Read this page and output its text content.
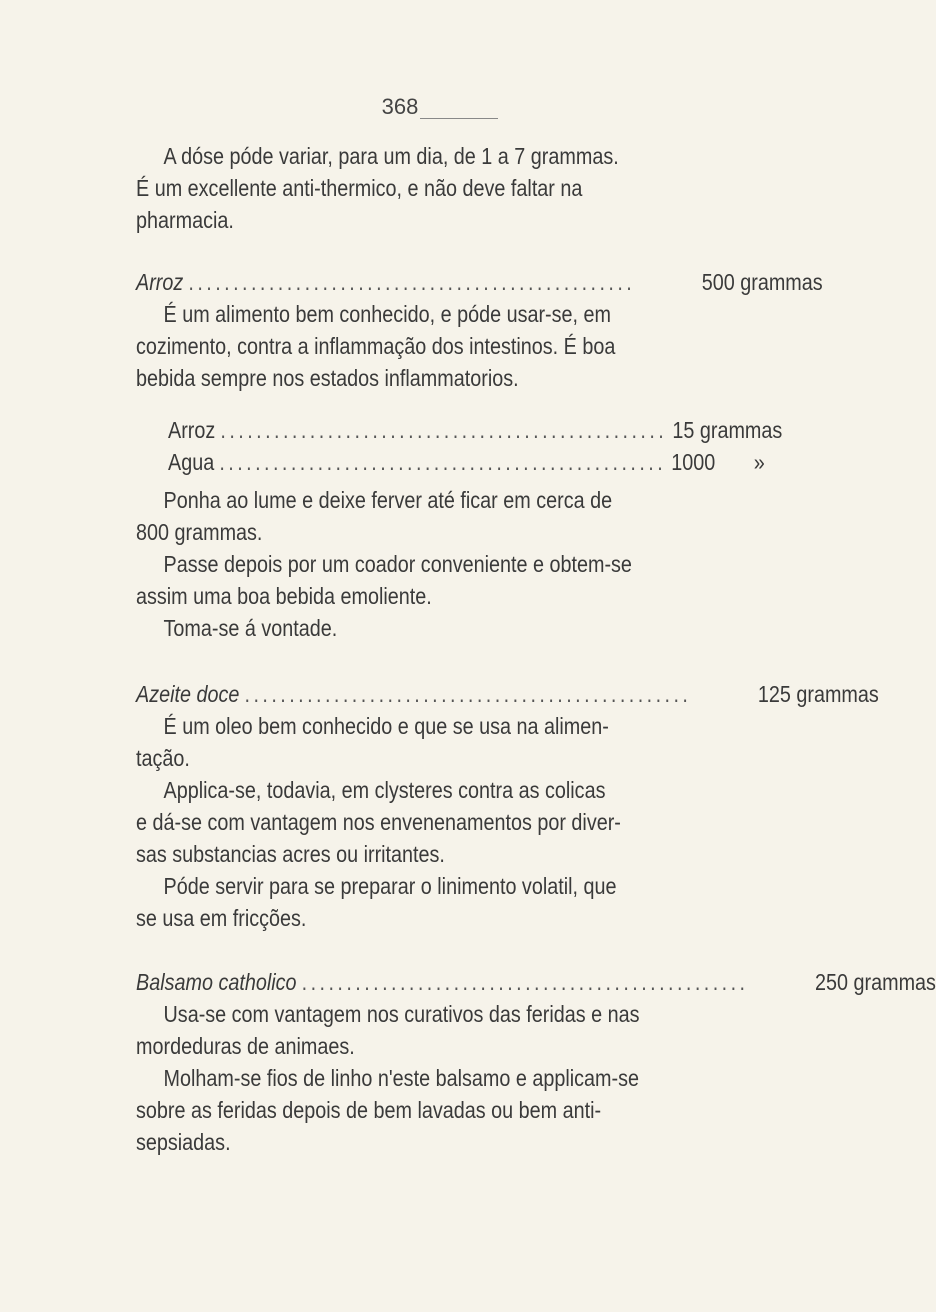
368
A dóse póde variar, para um dia, de 1 a 7 grammas.
É um excellente anti-thermico, e não deve faltar na
pharmacia.
Arroz ..................................................	500 grammas
É um alimento bem conhecido, e póde usar-se, em
cozimento, contra a inflammação dos intestinos. É boa
bebida sempre nos estados inflammatorios.
Arroz .................................................. 15 grammas
Agua .................................................. 1000       »
Ponha ao lume e deixe ferver até ficar em cerca de
800 grammas.
Passe depois por um coador conveniente e obtem-se
assim uma boa bebida emoliente.
Toma-se á vontade.
Azeite doce ..................................................	125 grammas
É um oleo bem conhecido e que se usa na alimen-
tação.
Applica-se, todavia, em clysteres contra as colicas
e dá-se com vantagem nos envenenamentos por diver-
sas substancias acres ou irritantes.
Póde servir para se preparar o linimento volatil, que
se usa em fricções.
Balsamo catholico ..................................................	250 grammas
Usa-se com vantagem nos curativos das feridas e nas
mordeduras de animaes.
Molham-se fios de linho n'este balsamo e applicam-se
sobre as feridas depois de bem lavadas ou bem anti-
sepsiadas.
